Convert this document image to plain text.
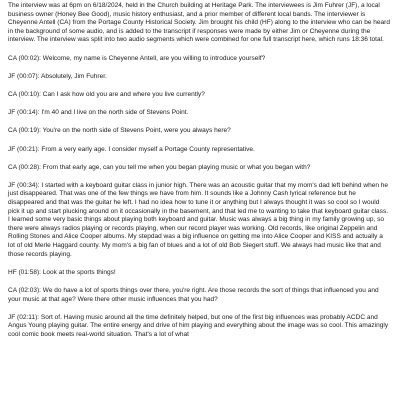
The interview was at 6pm on 6/18/2024, held in the Church building at Heritage Park. The interviewees is Jim Fuhrer (JF), a local business owner (Honey Bee Good), music history enthusiast, and a prior member of different local bands. The interviewer is Cheyenne Antell (CA) from the Portage County Historical Society. Jim brought his child (HF) along to the interview who can be heard in the background of some audio, and is added to the transcript if responses were made by either Jim or Cheyenne during the interview. The interview was split into two audio segments which were combined for one full transcript here, which runs 18:36 total.

CA (00:02): Welcome, my name is Cheyenne Antell, are you willing to introduce yourself?

JF (00:07): Absolutely, Jim Fuhrer.

CA (00:10): Can I ask how old you are and where you live currently?

JF (00:14): I'm 40 and I live on the north side of Stevens Point.

CA (00:19): You're on the north side of Stevens Point, were you always here?

JF (00:21): From a very early age. I consider myself a Portage County representative.

CA (00:28): From that early age, can you tell me when you began playing music or what you began with?

JF (00:34): I started with a keyboard guitar class in junior high. There was an acoustic guitar that my mom's dad left behind when he just disappeared. That was one of the few things we have from him. It sounds like a Johnny Cash lyrical reference but he disappeared and that was the guitar he left. I had no idea how to tune it or anything but I always thought it was so cool so I would pick it up and start plucking around on it occasionally in the basement, and that led me to wanting to take that keyboard guitar class. I learned some very basic things about playing both keyboard and guitar. Music was always a big thing in my family growing up, so there were always radios playing or records playing, when our record player was working. Old records, like original Zeppelin and Rolling Stones and Alice Cooper albums. My stepdad was a big influence on getting me into Alice Cooper and KISS and actually a lot of old Merle Haggard county. My mom's a big fan of blues and a lot of old Bob Siegert stuff. We always had music like that and those records playing.

HF (01:58): Look at the sports things!

CA (02:03): We do have a lot of sports things over there, you're right. Are those records the sort of things that influenced you and your music at that age? Were there other music influences that you had?

JF (02:11): Sort of. Having music around all the time definitely helped, but one of the first big influences was probably ACDC and Angus Young playing guitar. The entire energy and drive of him playing and everything about the image was so cool. This amazingly cool comic book meets real-world situation. That's a lot of what
